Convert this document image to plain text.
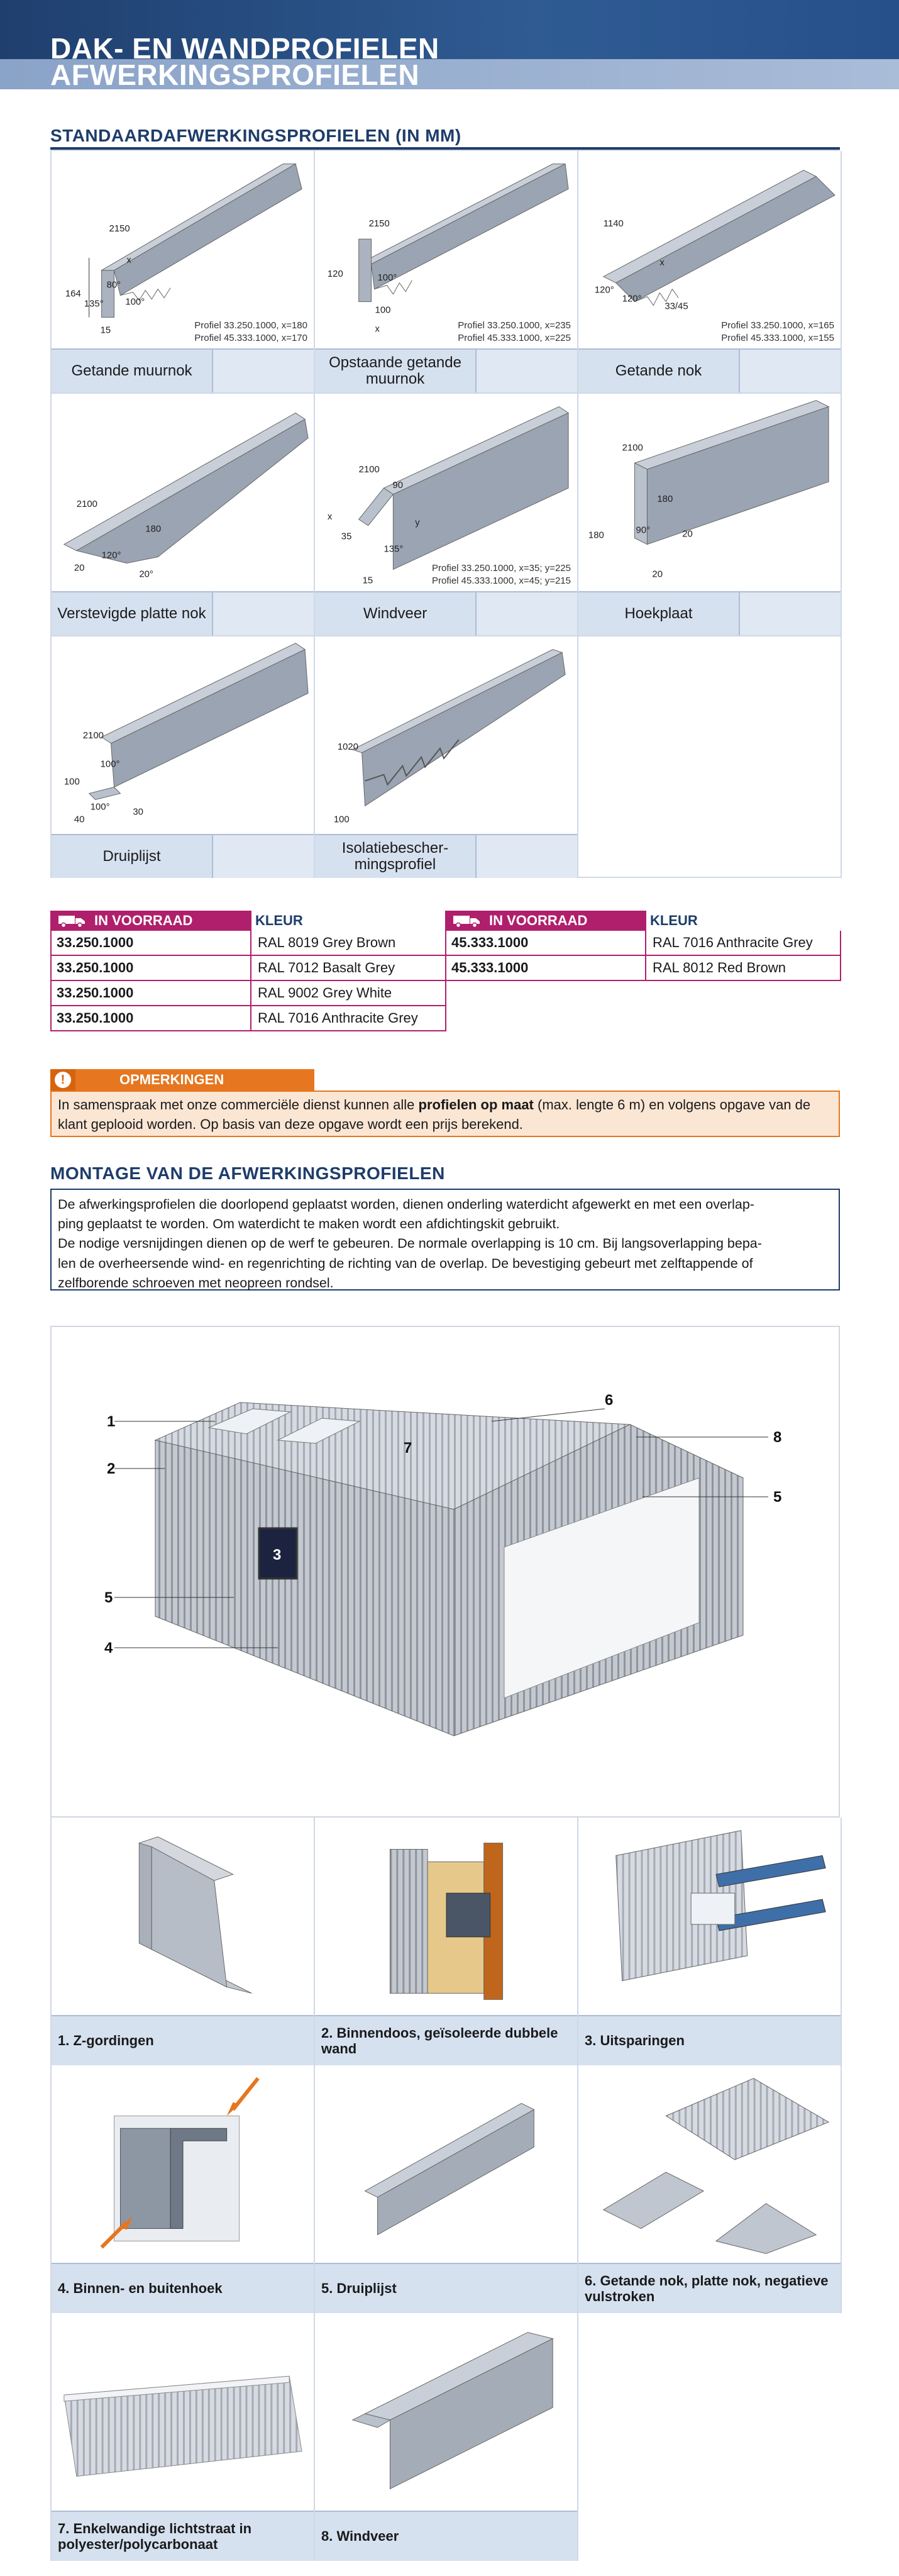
DAK- EN WANDPROFIELEN
AFWERKINGSPROFIELEN
STANDAARDAFWERKINGSPROFIELEN (IN MM)
2150
x
164
80°
135° 100°
15	Profiel 33.250.1000, x=180
Profiel 45.333.1000, x=170
Getande muurnok
2150
120	100°
100
x	Profiel 33.250.1000, x=235
Profiel 45.333.1000, x=225
Opstaande getande muurnok
1140
x
120°
120°
33/45
Profiel 33.250.1000, x=165
Profiel 45.333.1000, x=155
Getande nok
2100
180
120°
20
20°
Verstevigde platte nok
2100
90
x
y
35
135°
15
Profiel 33.250.1000, x=35; y=225
Profiel 45.333.1000, x=45; y=215
Windveer
2100
180
180	90°	20
20
Hoekplaat
2100
100°
100
100° 30
40
Druiplijst
1020
100
Isolatiebescher-mingsprofiel
IN VOORRAAD	KLEUR
33.250.1000	RAL 8019 Grey Brown
33.250.1000	RAL 7012 Basalt Grey
33.250.1000	RAL 9002 Grey White
33.250.1000	RAL 7016 Anthracite Grey
IN VOORRAAD	KLEUR
45.333.1000	RAL 7016 Anthracite Grey
45.333.1000	RAL 8012 Red Brown
!	OPMERKINGEN
In samenspraak met onze commerciële dienst kunnen alle profielen op maat (max. lengte 6 m) en volgens opgave van de klant geplooid worden. Op basis van deze opgave wordt een prijs berekend.
MONTAGE VAN DE AFWERKINGSPROFIELEN
De afwerkingsprofielen die doorlopend geplaatst worden, dienen onderling waterdicht afgewerkt en met een overlap-
ping geplaatst te worden. Om waterdicht te maken wordt een afdichtingskit gebruikt.
De nodige versnijdingen dienen op de werf te gebeuren. De normale overlapping is 10 cm. Bij langsoverlapping bepa-
len de overheersende wind- en regenrichting de richting van de overlap. De bevestiging gebeurt met zelftappende of
zelfborende schroeven met neopreen rondsel.
1
2
3
4
5
5
6
7
8
1. Z-gordingen
2. Binnendoos, geïsoleerde dubbele wand
3. Uitsparingen
4. Binnen- en buitenhoek	5. Druiplijst
6. Getande nok, platte nok, negatieve vulstroken
7. Enkelwandige lichtstraat in polyester/polycarbonaat
8. Windveer
